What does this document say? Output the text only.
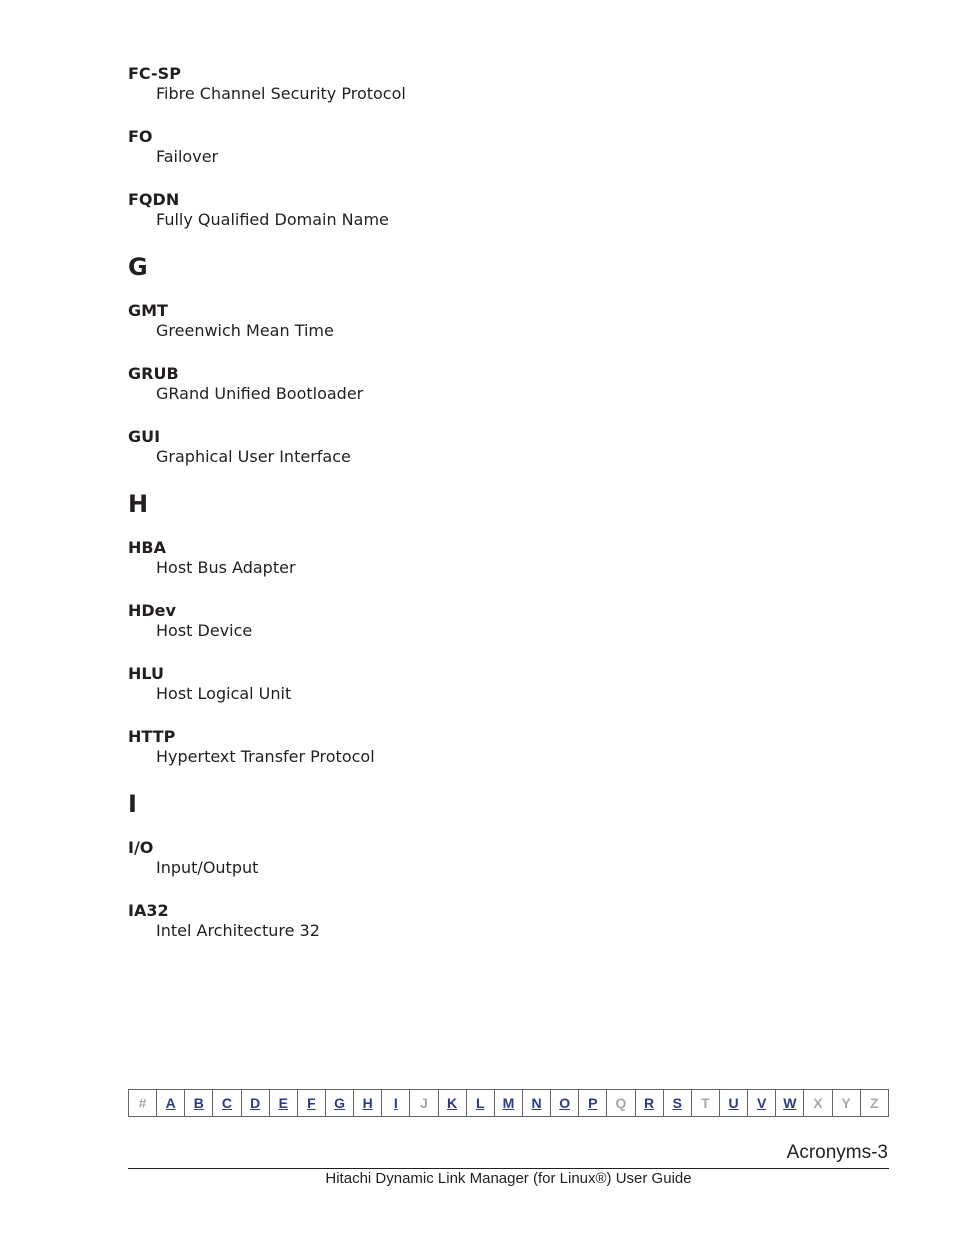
FC-SP
Fibre Channel Security Protocol
FO
Failover
FQDN
Fully Qualified Domain Name
G
GMT
Greenwich Mean Time
GRUB
GRand Unified Bootloader
GUI
Graphical User Interface
H
HBA
Host Bus Adapter
HDev
Host Device
HLU
Host Logical Unit
HTTP
Hypertext Transfer Protocol
I
I/O
Input/Output
IA32
Intel Architecture 32
#	A	B	C	D	E	F	G	H	I	J	K	L	M	N	O	P	Q	R	S	T	U	V	W	X	Y	Z
Acronyms-3
Hitachi Dynamic Link Manager (for Linux®) User Guide
